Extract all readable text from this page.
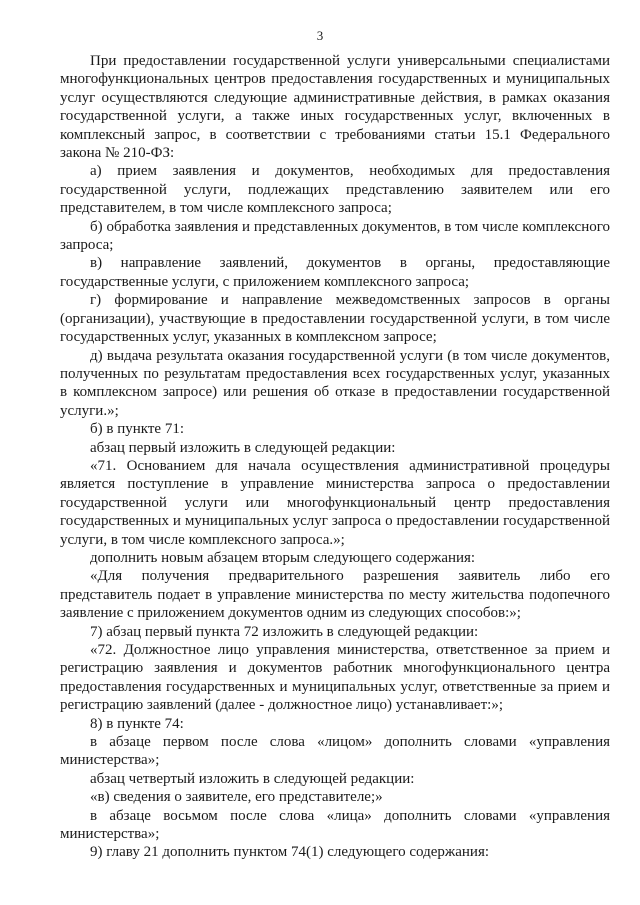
3

При предоставлении государственной услуги универсальными специалистами многофункциональных центров предоставления государственных и муниципальных услуг осуществляются следующие административные действия, в рамках оказания государственной услуги, а также иных государственных услуг, включенных в комплексный запрос, в соответствии с требованиями статьи 15.1 Федерального закона № 210-ФЗ:

а) прием заявления и документов, необходимых для предоставления государственной услуги, подлежащих представлению заявителем или его представителем, в том числе комплексного запроса;

б) обработка заявления и представленных документов, в том числе комплексного запроса;

в) направление заявлений, документов в органы, предоставляющие государственные услуги, с приложением комплексного запроса;

г) формирование и направление межведомственных запросов в органы (организации), участвующие в предоставлении государственной услуги, в том числе государственных услуг, указанных в комплексном запросе;

д) выдача результата оказания государственной услуги (в том числе документов, полученных по результатам предоставления всех государственных услуг, указанных в комплексном запросе) или решения об отказе в предоставлении государственной услуги.»;

б) в пункте 71:

абзац первый изложить в следующей редакции:

«71. Основанием для начала осуществления административной процедуры является поступление в управление министерства запроса о предоставлении государственной услуги или многофункциональный центр предоставления государственных и муниципальных услуг запроса о предоставлении государственной услуги, в том числе комплексного запроса.»;

дополнить новым абзацем вторым следующего содержания:

«Для получения предварительного разрешения заявитель либо его представитель подает в управление министерства по месту жительства подопечного заявление с приложением документов одним из следующих способов:»;

7) абзац первый пункта 72 изложить в следующей редакции:

«72. Должностное лицо управления министерства, ответственное за прием и регистрацию заявления и документов работник многофункционального центра предоставления государственных и муниципальных услуг, ответственные за прием и регистрацию заявлений (далее - должностное лицо) устанавливает:»;

8) в пункте 74:

в абзаце первом после слова «лицом» дополнить словами «управления министерства»;

абзац четвертый изложить в следующей редакции:

«в) сведения о заявителе, его представителе;»

в абзаце восьмом после слова «лица» дополнить словами «управления министерства»;

9) главу 21 дополнить пунктом 74(1) следующего содержания:
